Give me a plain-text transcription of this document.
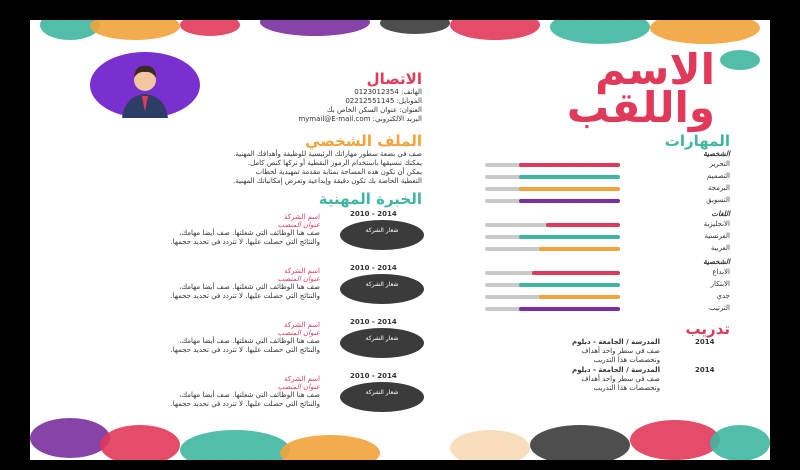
مستقل
mostaql.com
الاسم
واللقب
الاتصال
الهاتف: 0123012354
الموبايل: 02212551145
العنوان: عنوان السكن الخاص بك
البريد الالكتروني: mymail@E-mail.com
الملف الشخصي
صف في بضعة سطور مهاراتك الرئيسية للوظيفة وأهدافك المهنية.
يمكنك تنسيقها باستخدام الرموز النقطية أو تركها كنص كامل.
يمكن أن تكون هذه المساحة بمثابة مقدمة تمهيدية لخطاب
التغطية الخاصة بك تكون دقيقة وإبداعية وتعرض إمكانياتك المهنية.
الخبرة المهنية
المهارات
تدريب
الشخصية
التحرير
التصميم
البرمجة
التسويق
اللغات
الانجليزية
الفرنسية
العربية
الشخصية
الابداع
الابتكار
جدي
الترتيب
2010 - 2014
اسم الشركة
عنوان المنصب
صف هنا الوظائف التي شغلتها. صف أيضا مهامك،
والنتائج التي حصلت عليها. لا تتردد في تحديد حجمها.
شعار الشركة
2010 - 2014
اسم الشركة
عنوان المنصب
صف هنا الوظائف التي شغلتها. صف أيضا مهامك،
والنتائج التي حصلت عليها. لا تتردد في تحديد حجمها.
شعار الشركة
2010 - 2014
اسم الشركة
عنوان المنصب
صف هنا الوظائف التي شغلتها. صف أيضا مهامك،
والنتائج التي حصلت عليها. لا تتردد في تحديد حجمها.
شعار الشركة
2010 - 2014
اسم الشركة
عنوان المنصب
صف هنا الوظائف التي شغلتها. صف أيضا مهامك،
والنتائج التي حصلت عليها. لا تتردد في تحديد حجمها.
شعار الشركة
2014
المدرسة / الجامعة - دبلوم
صف في سطر واحد أهداف
وتخصصات هذا التدريب
2014
المدرسة / الجامعة - دبلوم
صف في سطر واحد أهداف
وتخصصات هذا التدريب
